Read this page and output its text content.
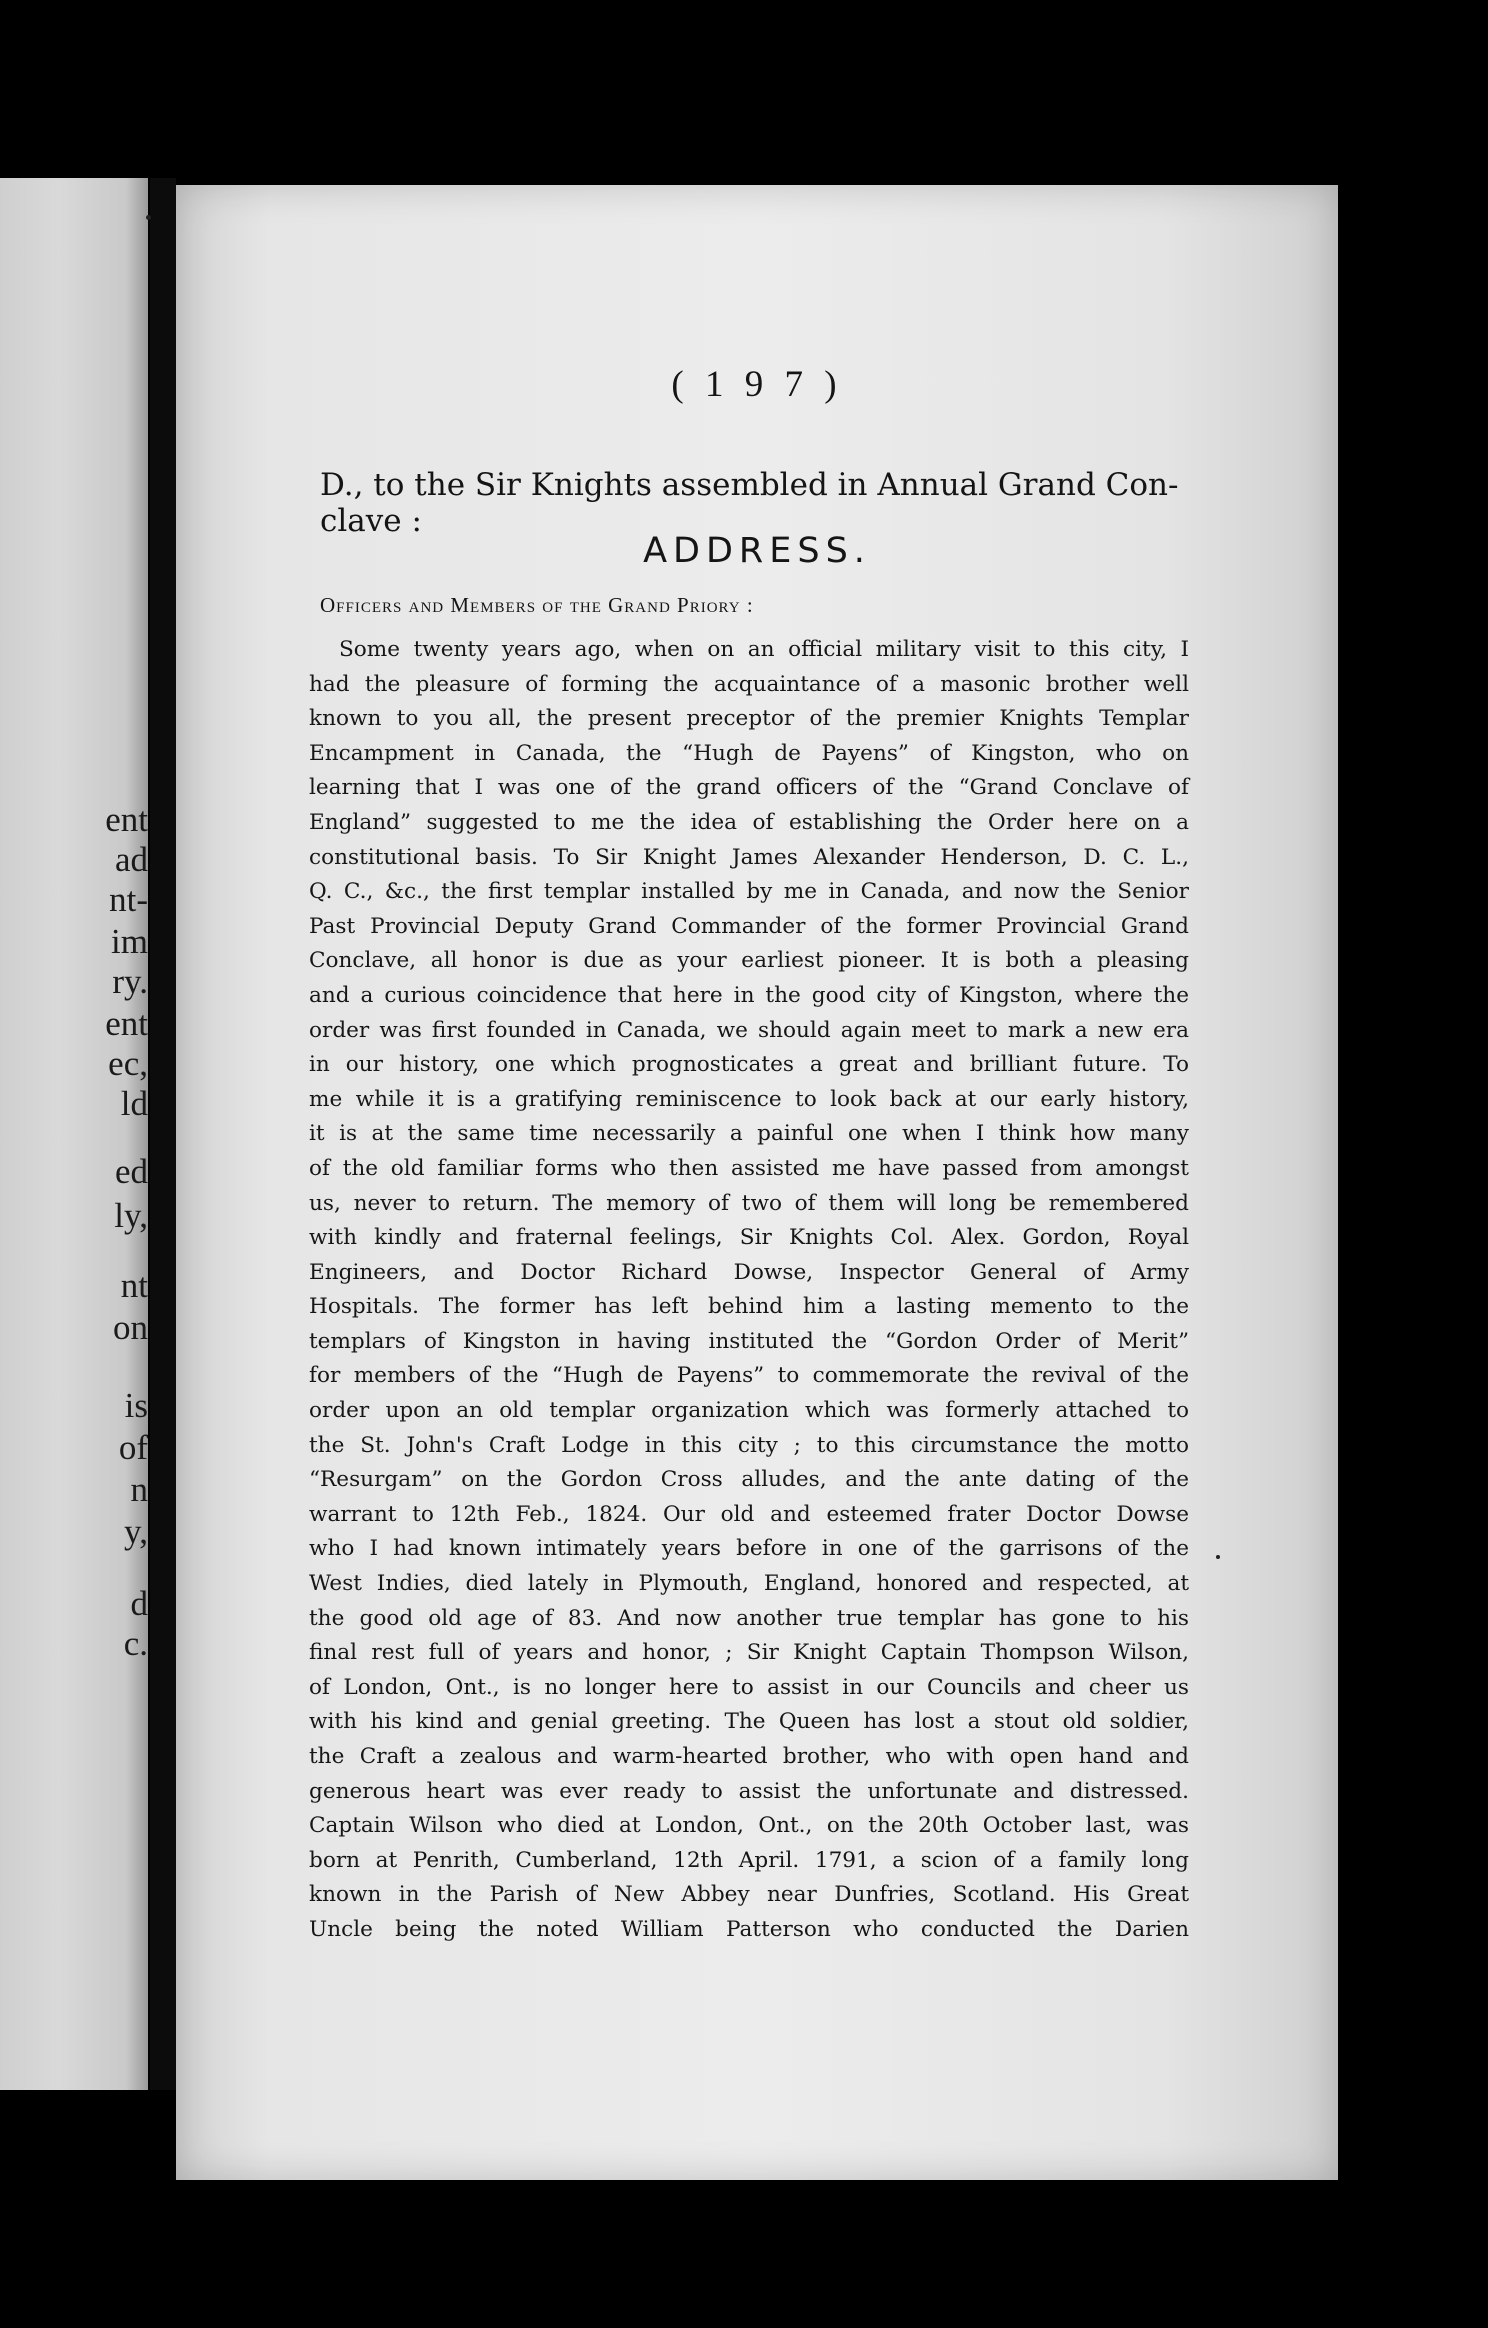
ent
ad
nt-
im
ry.
ent
ec,
ld
ed
ly,
nt
on
is
of
n
y,
d
c.
( 1 9 7 )
D., to the Sir Knights assembled in Annual Grand Con-
clave :
ADDRESS.
Officers and Members of the Grand Priory :
Some twenty years ago, when on an official military visit to this city, I
had the pleasure of forming the acquaintance of a masonic brother well
known to you all, the present preceptor of the premier Knights Templar
Encampment in Canada, the “Hugh de Payens” of Kingston, who on
learning that I was one of the grand officers of the “Grand Conclave of
England” suggested to me the idea of establishing the Order here on a
constitutional basis. To Sir Knight James Alexander Henderson, D. C. L.,
Q. C., &c., the first templar installed by me in Canada, and now the Senior
Past Provincial Deputy Grand Commander of the former Provincial Grand
Conclave, all honor is due as your earliest pioneer. It is both a pleasing
and a curious coincidence that here in the good city of Kingston, where the
order was first founded in Canada, we should again meet to mark a new era
in our history, one which prognosticates a great and brilliant future. To
me while it is a gratifying reminiscence to look back at our early history,
it is at the same time necessarily a painful one when I think how many
of the old familiar forms who then assisted me have passed from amongst
us, never to return. The memory of two of them will long be remembered
with kindly and fraternal feelings, Sir Knights Col. Alex. Gordon, Royal
Engineers, and Doctor Richard Dowse, Inspector General of Army
Hospitals. The former has left behind him a lasting memento to the
templars of Kingston in having instituted the “Gordon Order of Merit”
for members of the “Hugh de Payens” to commemorate the revival of the
order upon an old templar organization which was formerly attached to
the St. John's Craft Lodge in this city ; to this circumstance the motto
“Resurgam” on the Gordon Cross alludes, and the ante dating of the
warrant to 12th Feb., 1824. Our old and esteemed frater Doctor Dowse
who I had known intimately years before in one of the garrisons of the
West Indies, died lately in Plymouth, England, honored and respected, at
the good old age of 83. And now another true templar has gone to his
final rest full of years and honor, ; Sir Knight Captain Thompson Wilson,
of London, Ont., is no longer here to assist in our Councils and cheer us
with his kind and genial greeting. The Queen has lost a stout old soldier,
the Craft a zealous and warm-hearted brother, who with open hand and
generous heart was ever ready to assist the unfortunate and distressed.
Captain Wilson who died at London, Ont., on the 20th October last, was
born at Penrith, Cumberland, 12th April. 1791, a scion of a family long
known in the Parish of New Abbey near Dunfries, Scotland. His Great
Uncle being the noted William Patterson who conducted the Darien
